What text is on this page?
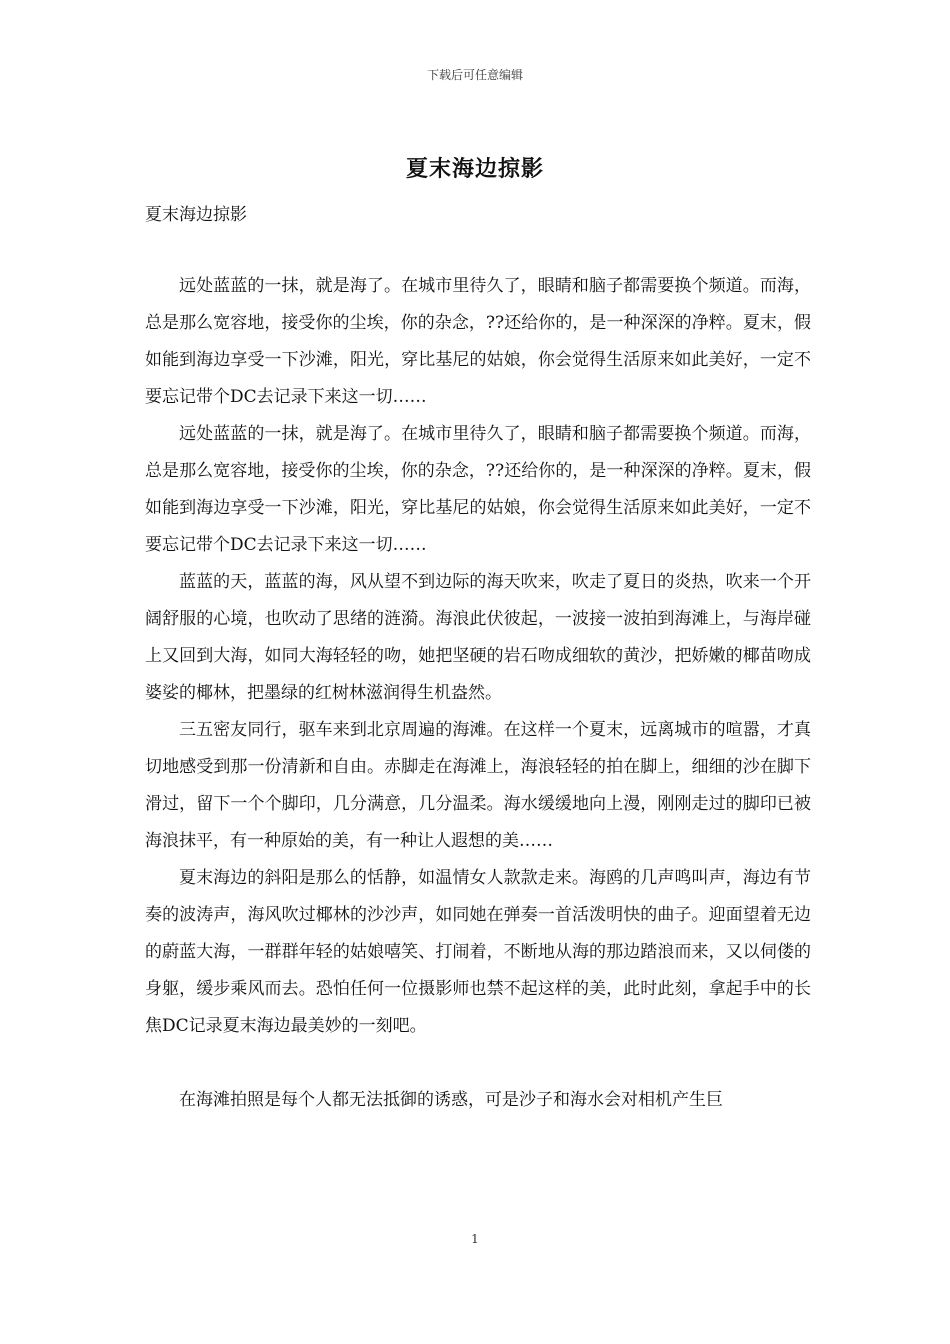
下载后可任意编辑
夏末海边掠影
夏末海边掠影

远处蓝蓝的一抹，就是海了。在城市里待久了，眼睛和脑子都需要换个频道。而海，总是那么宽容地，接受你的尘埃，你的杂念，??还给你的，是一种深深的净粹。夏末，假如能到海边享受一下沙滩，阳光，穿比基尼的姑娘，你会觉得生活原来如此美好，一定不要忘记带个DC去记录下来这一切……

远处蓝蓝的一抹，就是海了。在城市里待久了，眼睛和脑子都需要换个频道。而海，总是那么宽容地，接受你的尘埃，你的杂念，??还给你的，是一种深深的净粹。夏末，假如能到海边享受一下沙滩，阳光，穿比基尼的姑娘，你会觉得生活原来如此美好，一定不要忘记带个DC去记录下来这一切……

蓝蓝的天，蓝蓝的海，风从望不到边际的海天吹来，吹走了夏日的炎热，吹来一个开阔舒服的心境，也吹动了思绪的涟漪。海浪此伏彼起，一波接一波拍到海滩上，与海岸碰上又回到大海，如同大海轻轻的吻，她把坚硬的岩石吻成细软的黄沙，把娇嫩的椰苗吻成婆娑的椰林，把墨绿的红树林滋润得生机盎然。

三五密友同行，驱车来到北京周遍的海滩。在这样一个夏末，远离城市的喧嚣，才真切地感受到那一份清新和自由。赤脚走在海滩上，海浪轻轻的拍在脚上，细细的沙在脚下滑过，留下一个个脚印，几分满意，几分温柔。海水缓缓地向上漫，刚刚走过的脚印已被海浪抹平，有一种原始的美，有一种让人遐想的美……

夏末海边的斜阳是那么的恬静，如温情女人款款走来。海鸥的几声鸣叫声，海边有节奏的波涛声，海风吹过椰林的沙沙声，如同她在弹奏一首活泼明快的曲子。迎面望着无边的蔚蓝大海，一群群年轻的姑娘嘻笑、打闹着，不断地从海的那边踏浪而来，又以伺偻的身躯，缓步乘风而去。恐怕任何一位摄影师也禁不起这样的美，此时此刻，拿起手中的长焦DC记录夏末海边最美妙的一刻吧。

在海滩拍照是每个人都无法抵御的诱惑，可是沙子和海水会对相机产生巨

1
